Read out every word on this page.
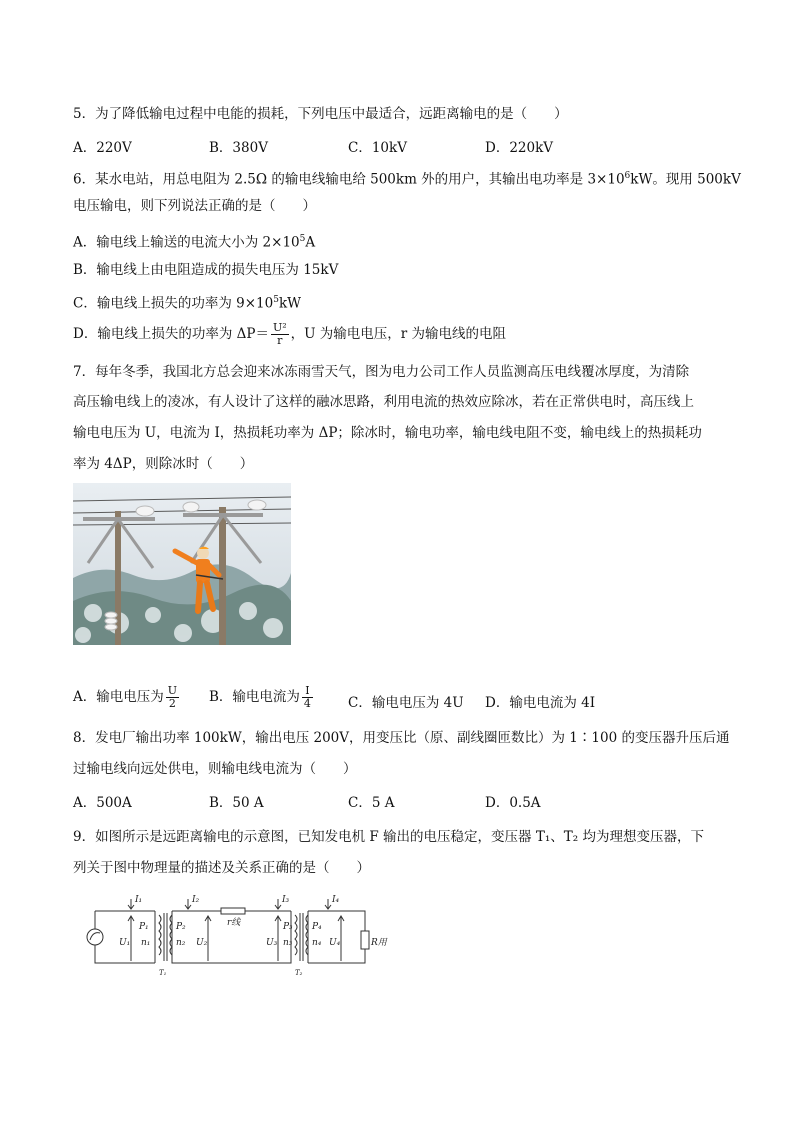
5．为了降低输电过程中电能的损耗，下列电压中最适合，远距离输电的是（　　）
A．220V	B．380V	C．10kV	D．220kV
6．某水电站，用总电阻为 2.5Ω 的输电线输电给 500km 外的用户，其输出电功率是 $3\times 10^6kW$。现用 500kV
电压输电，则下列说法正确的是（　　）
A．输电线上输送的电流大小为 $2\times 10^5A$
B．输电线上由电阻造成的损失电压为 15kV
C．输电线上损失的功率为 $9\times 10^5kW$
D．输电线上损失的功率为 $\Delta P= \frac{\text{U²}}{r}$ ，U 为输电电压，r 为输电线的电阻
7．每年冬季，我国北方总会迎来冰冻雨雪天气，图为电力公司工作人员监测高压电线覆冰厚度，为清除
高压输电线上的凌冰，有人设计了这样的融冰思路，利用电流的热效应除冰，若在正常供电时，高压线上
输电电压为 U，电流为 I，热损耗功率为 ΔP；除冰时，输电功率，输电线电阻不变，输电线上的热损耗功
率为 4ΔP，则除冰时（　　）
A．输电电压为 $\frac{U}{2}$ B．输电电流为 $\frac{I}{4}$	C．输电电压为 4U D．输电电流为 4I
8．发电厂输出功率 100kW，输出电压 200V，用变压比（原、副线圈匝数比）为 1∶100 的变压器升压后通
过输电线向远处供电，则输电线电流为（　　）
A．500A	B．50 A	C．5 A	D．0.5A
9．如图所示是远距离输电的示意图，已知发电机 F 输出的电压稳定，变压器 T₁、T₂ 均为理想变压器，下
列关于图中物理量的描述及关系正确的是（　　）
I₁	I₂	I₃	I₄
P₁	P₂	P₃ P₄
n₁	n₂	n₃ n₄
U₁	U₂	U₃	U₄
T₁	T₂
r线
R用
